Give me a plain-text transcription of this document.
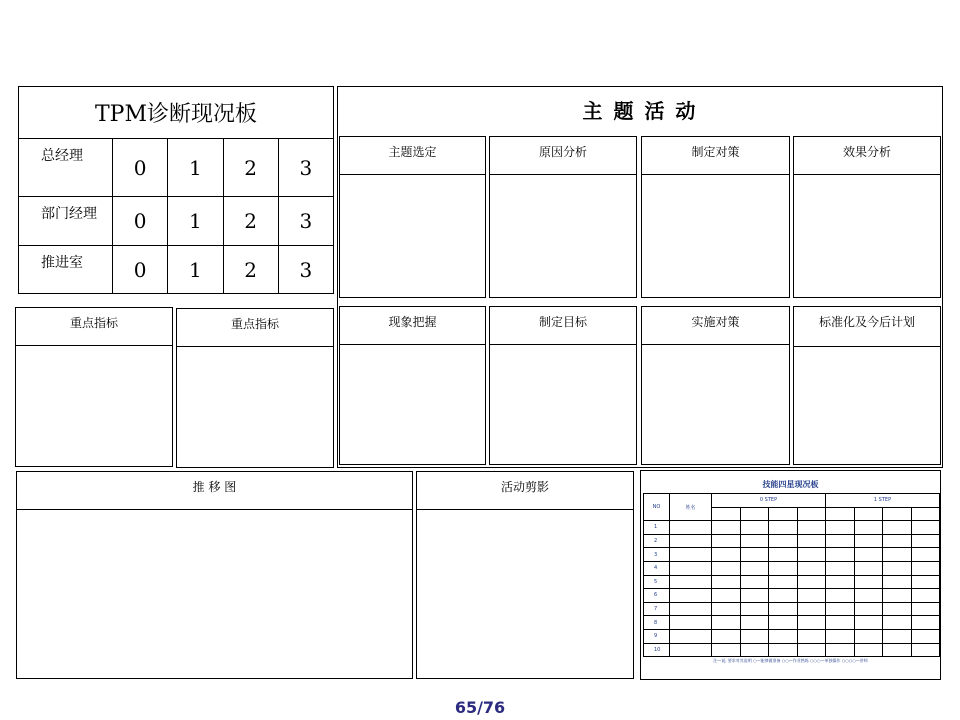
TPM诊断现况板
总经理	0	1	2	3
部门经理	0	1	2	3
推进室	0	1	2	3
主 题 活 动
主题选定	原因分析	制定对策	效果分析
现象把握	制定目标	实施对策	标准化及今后计划
重点指标	重点指标
推 移 图	活动剪影	技能四星现况板
NO	姓名	0 STEP				1 STEP			

1									
2									
3									
4									
5									
6									
7									
8									
9									
10									
注—说, 要求对其说明 ○—能够做准备 ○○—作业熟练 ○○○—单独操作 ○○○○—讲师
65/76
